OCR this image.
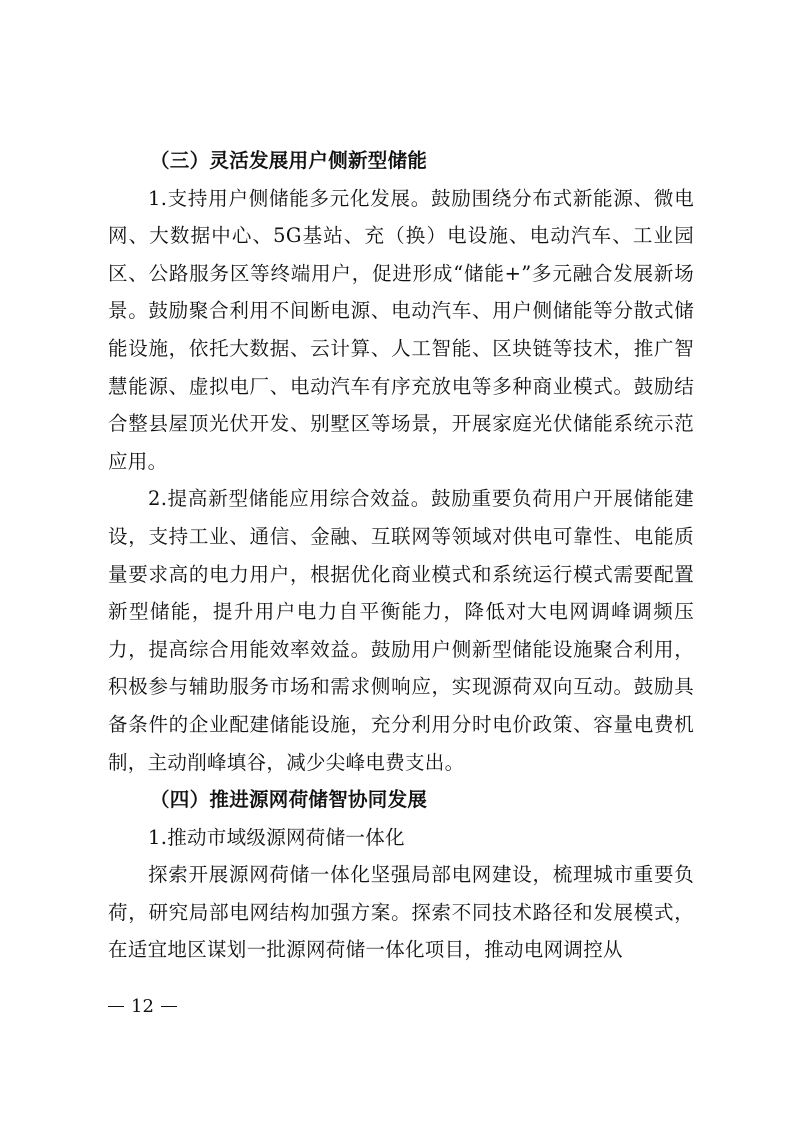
（三）灵活发展用户侧新型储能

1.支持用户侧储能多元化发展。鼓励围绕分布式新能源、微电网、大数据中心、5G基站、充（换）电设施、电动汽车、工业园区、公路服务区等终端用户，促进形成“储能+”多元融合发展新场景。鼓励聚合利用不间断电源、电动汽车、用户侧储能等分散式储能设施，依托大数据、云计算、人工智能、区块链等技术，推广智慧能源、虚拟电厂、电动汽车有序充放电等多种商业模式。鼓励结合整县屋顶光伏开发、别墅区等场景，开展家庭光伏储能系统示范应用。

2.提高新型储能应用综合效益。鼓励重要负荷用户开展储能建设，支持工业、通信、金融、互联网等领域对供电可靠性、电能质量要求高的电力用户，根据优化商业模式和系统运行模式需要配置新型储能，提升用户电力自平衡能力，降低对大电网调峰调频压力，提高综合用能效率效益。鼓励用户侧新型储能设施聚合利用，积极参与辅助服务市场和需求侧响应，实现源荷双向互动。鼓励具备条件的企业配建储能设施，充分利用分时电价政策、容量电费机制，主动削峰填谷，减少尖峰电费支出。

（四）推进源网荷储智协同发展

1.推动市域级源网荷储一体化

探索开展源网荷储一体化坚强局部电网建设，梳理城市重要负荷，研究局部电网结构加强方案。探索不同技术路径和发展模式，在适宜地区谋划一批源网荷储一体化项目，推动电网调控从

12
